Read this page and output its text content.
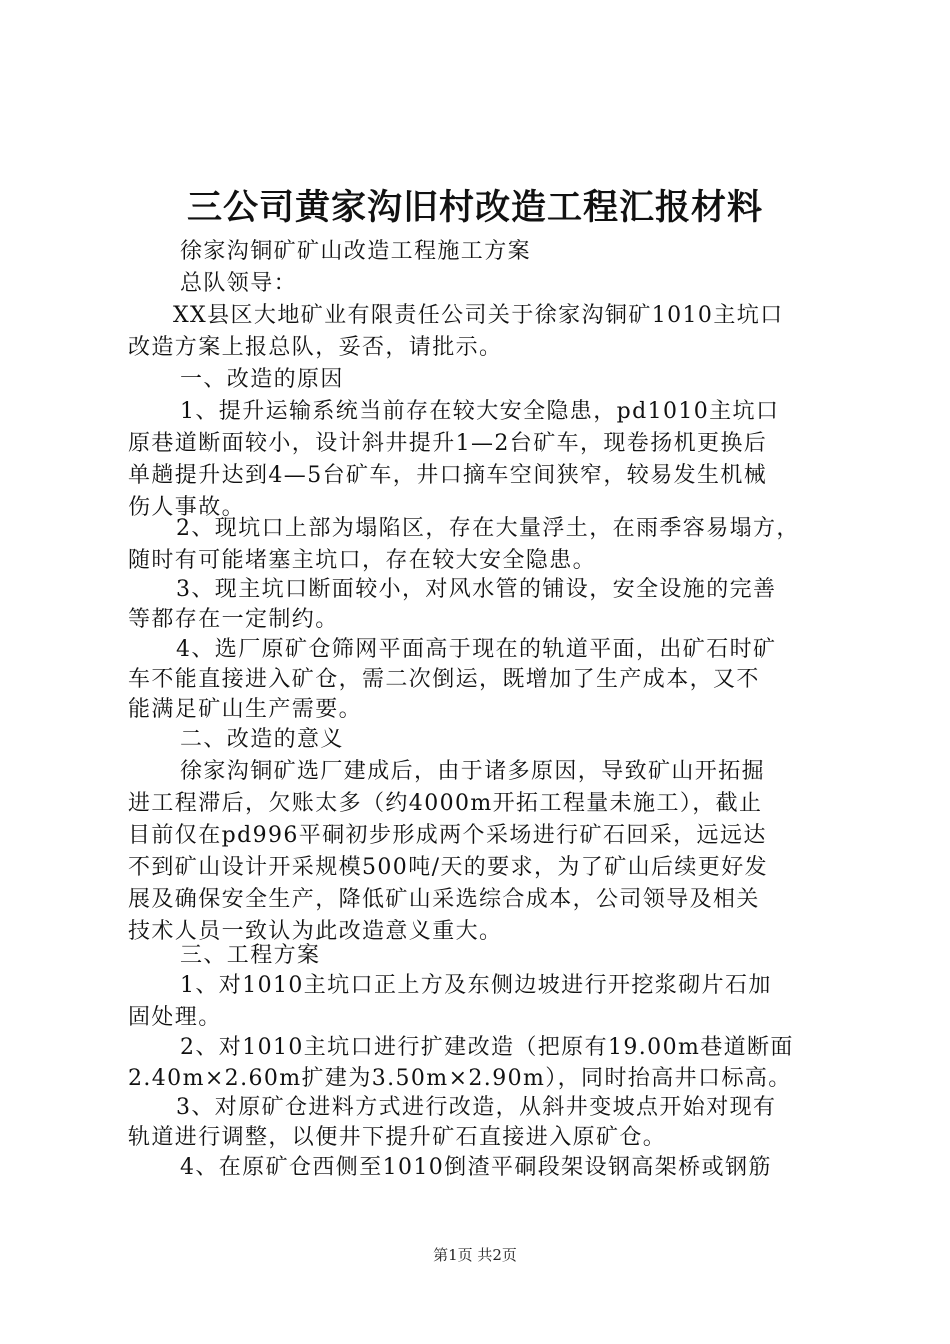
三公司黄家沟旧村改造工程汇报材料
徐家沟铜矿矿山改造工程施工方案
总队领导：
XX县区大地矿业有限责任公司关于徐家沟铜矿1010主坑口
改造方案上报总队，妥否，请批示。
一、改造的原因
1、提升运输系统当前存在较大安全隐患，pd1010主坑口
原巷道断面较小，设计斜井提升1—2台矿车，现卷扬机更换后
单趟提升达到4—5台矿车，井口摘车空间狭窄，较易发生机械
伤人事故。
2、现坑口上部为塌陷区，存在大量浮土，在雨季容易塌方，
随时有可能堵塞主坑口，存在较大安全隐患。
3、现主坑口断面较小，对风水管的铺设，安全设施的完善
等都存在一定制约。
4、选厂原矿仓筛网平面高于现在的轨道平面，出矿石时矿
车不能直接进入矿仓，需二次倒运，既增加了生产成本，又不
能满足矿山生产需要。
二、改造的意义
徐家沟铜矿选厂建成后，由于诸多原因，导致矿山开拓掘
进工程滞后，欠账太多（约4000m开拓工程量未施工），截止
目前仅在pd996平硐初步形成两个采场进行矿石回采，远远达
不到矿山设计开采规模500吨/天的要求，为了矿山后续更好发
展及确保安全生产，降低矿山采选综合成本，公司领导及相关
技术人员一致认为此改造意义重大。
三、工程方案
1、对1010主坑口正上方及东侧边坡进行开挖浆砌片石加
固处理。
2、对1010主坑口进行扩建改造（把原有19.00m巷道断面
2.40m×2.60m扩建为3.50m×2.90m），同时抬高井口标高。
3、对原矿仓进料方式进行改造，从斜井变坡点开始对现有
轨道进行调整，以便井下提升矿石直接进入原矿仓。
4、在原矿仓西侧至1010倒渣平硐段架设钢高架桥或钢筋
第1页 共2页
